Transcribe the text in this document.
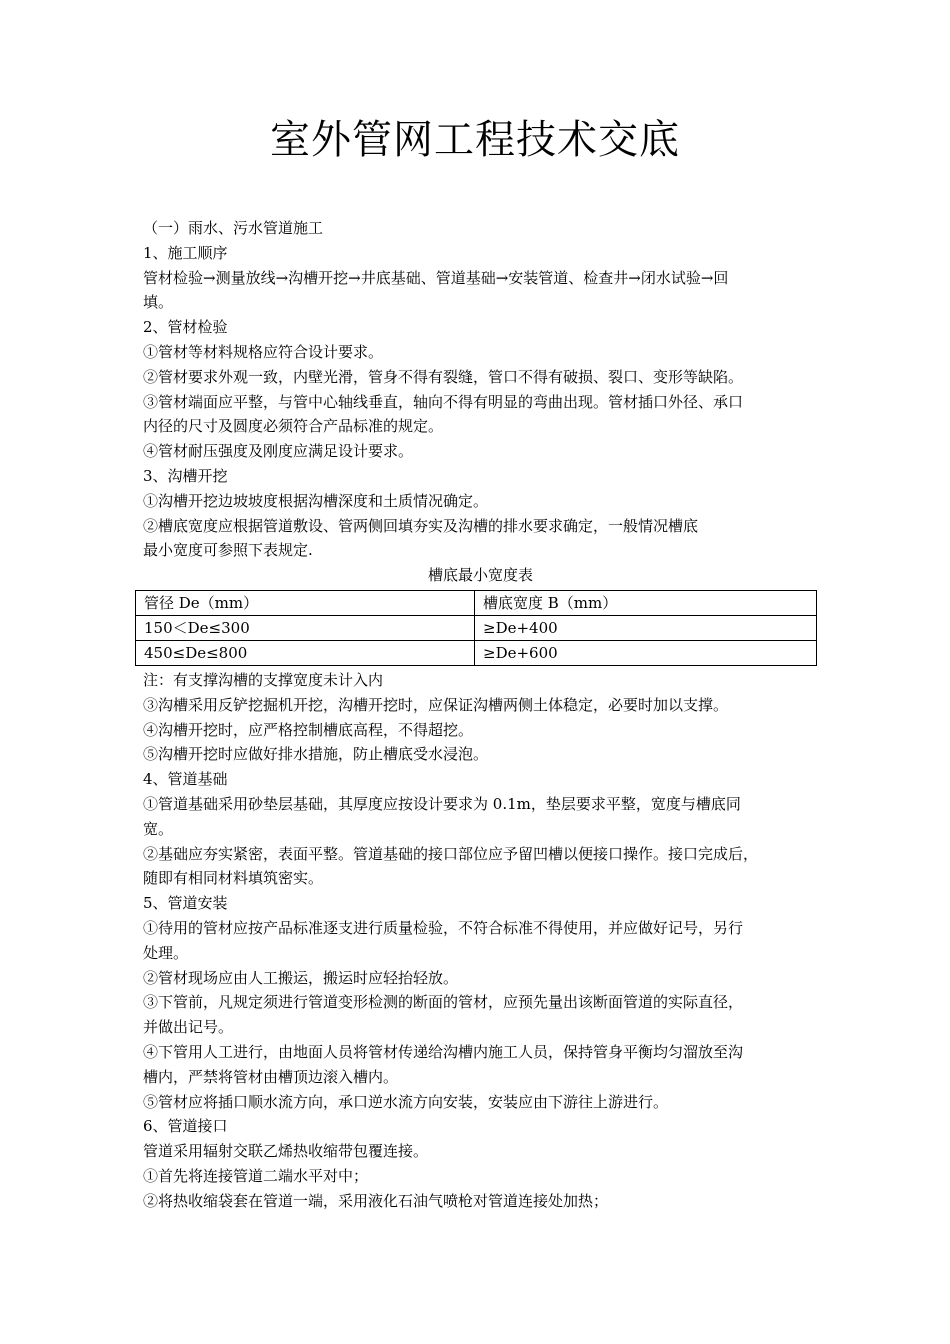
室外管网工程技术交底

（一）雨水、污水管道施工

1、施工顺序

管材检验→测量放线→沟槽开挖→井底基础、管道基础→安装管道、检查井→闭水试验→回

填。

2、管材检验

①管材等材料规格应符合设计要求。

②管材要求外观一致，内壁光滑，管身不得有裂缝，管口不得有破损、裂口、变形等缺陷。

③管材端面应平整，与管中心轴线垂直，轴向不得有明显的弯曲出现。管材插口外径、承口

内径的尺寸及圆度必须符合产品标准的规定。

④管材耐压强度及刚度应满足设计要求。

3、沟槽开挖

①沟槽开挖边坡坡度根据沟槽深度和土质情况确定。

②槽底宽度应根据管道敷设、管两侧回填夯实及沟槽的排水要求确定，一般情况槽底

最小宽度可参照下表规定.

槽底最小宽度表

管径 De（mm）	槽底宽度 B（mm）
150＜De≤300	≥De+400
450≤De≤800	≥De+600

注：有支撑沟槽的支撑宽度未计入内

③沟槽采用反铲挖掘机开挖，沟槽开挖时，应保证沟槽两侧土体稳定，必要时加以支撑。

④沟槽开挖时，应严格控制槽底高程，不得超挖。

⑤沟槽开挖时应做好排水措施，防止槽底受水浸泡。

4、管道基础

①管道基础采用砂垫层基础，其厚度应按设计要求为 0.1m，垫层要求平整，宽度与槽底同

宽。

②基础应夯实紧密，表面平整。管道基础的接口部位应予留凹槽以便接口操作。接口完成后，

随即有相同材料填筑密实。

5、管道安装

①待用的管材应按产品标准逐支进行质量检验，不符合标准不得使用，并应做好记号，另行

处理。

②管材现场应由人工搬运，搬运时应轻抬轻放。

③下管前，凡规定须进行管道变形检测的断面的管材，应预先量出该断面管道的实际直径，

并做出记号。

④下管用人工进行，由地面人员将管材传递给沟槽内施工人员，保持管身平衡均匀溜放至沟

槽内，严禁将管材由槽顶边滚入槽内。

⑤管材应将插口顺水流方向，承口逆水流方向安装，安装应由下游往上游进行。

6、管道接口

管道采用辐射交联乙烯热收缩带包覆连接。

①首先将连接管道二端水平对中；

②将热收缩袋套在管道一端，采用液化石油气喷枪对管道连接处加热；
